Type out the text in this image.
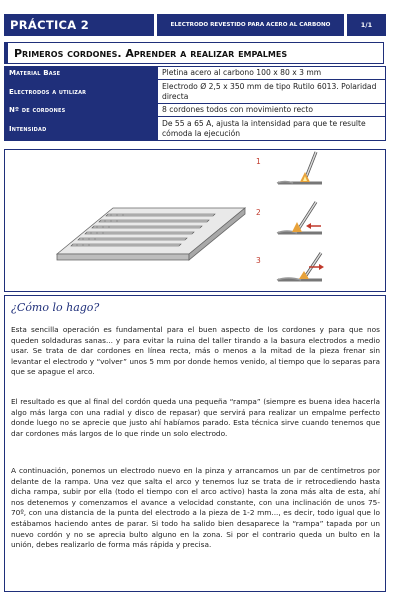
PRÁCTICA 2	ELECTRODO REVESTIDO PARA ACERO AL CARBONO	1/1
Primeros cordones. Aprender a realizar empalmes
Material Base	Pletina acero al carbono 100 x 80 x 3 mm
Electrodos a utilizar	Electrodo Ø 2,5 x 350 mm de tipo Rutilo 6013. Polaridad directa
Nº de cordones	8 cordones todos con movimiento recto
Intensidad	De 55 a 65 A, ajusta la intensidad para que te resulte cómoda la ejecución
1
2
3
¿Cómo lo hago?

Esta sencilla operación es fundamental para el buen aspecto de los cordones y para que nos queden soldaduras sanas... y para evitar la ruina del taller tirando a la basura electrodos a medio usar. Se trata de dar cordones en línea recta, más o menos a la mitad de la pieza frenar sin levantar el electrodo y “volver” unos 5 mm por donde hemos venido, al tiempo que lo separas para que se apague el arco.

El resultado es que al final del cordón queda una pequeña “rampa” (siempre es buena idea hacerla algo más larga con una radial y disco de repasar) que servirá para realizar un empalme perfecto donde luego no se aprecie que justo ahí habíamos parado. Esta técnica sirve cuando tenemos que dar cordones más largos de lo que rinde un solo electrodo.

A continuación, ponemos un electrodo nuevo en la pinza y arrancamos un par de centímetros por delante de la rampa. Una vez que salta el arco y tenemos luz se trata de ir retrocediendo hasta dicha rampa, subir por ella (todo el tiempo con el arco activo) hasta la zona más alta de esta, ahí nos detenemos y comenzamos el avance a velocidad constante, con una inclinación de unos 75-70º, con una distancia de la punta del electrodo a la pieza de 1-2 mm..., es decir, todo igual que lo estábamos haciendo antes de parar. Si todo ha salido bien desaparece la “rampa” tapada por un nuevo cordón y no se aprecia bulto alguno en la zona. Si por el contrario queda un bulto en la unión, debes realizarlo de forma más rápida y precisa.
